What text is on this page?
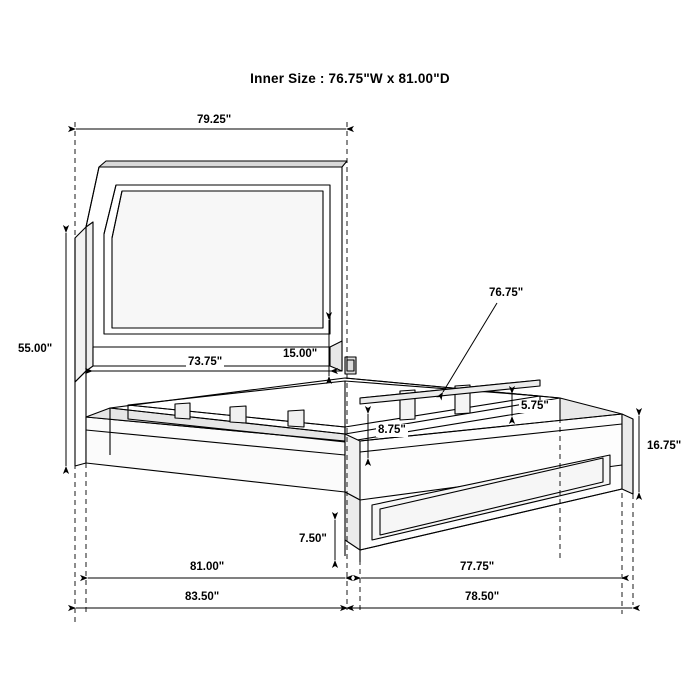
Inner Size : 76.75"W x 81.00"D
79.25"
55.00"
73.75"
15.00"
76.75"
5.75"
8.75"
16.75"
7.50"
81.00"	77.75"
83.50"	78.50"
